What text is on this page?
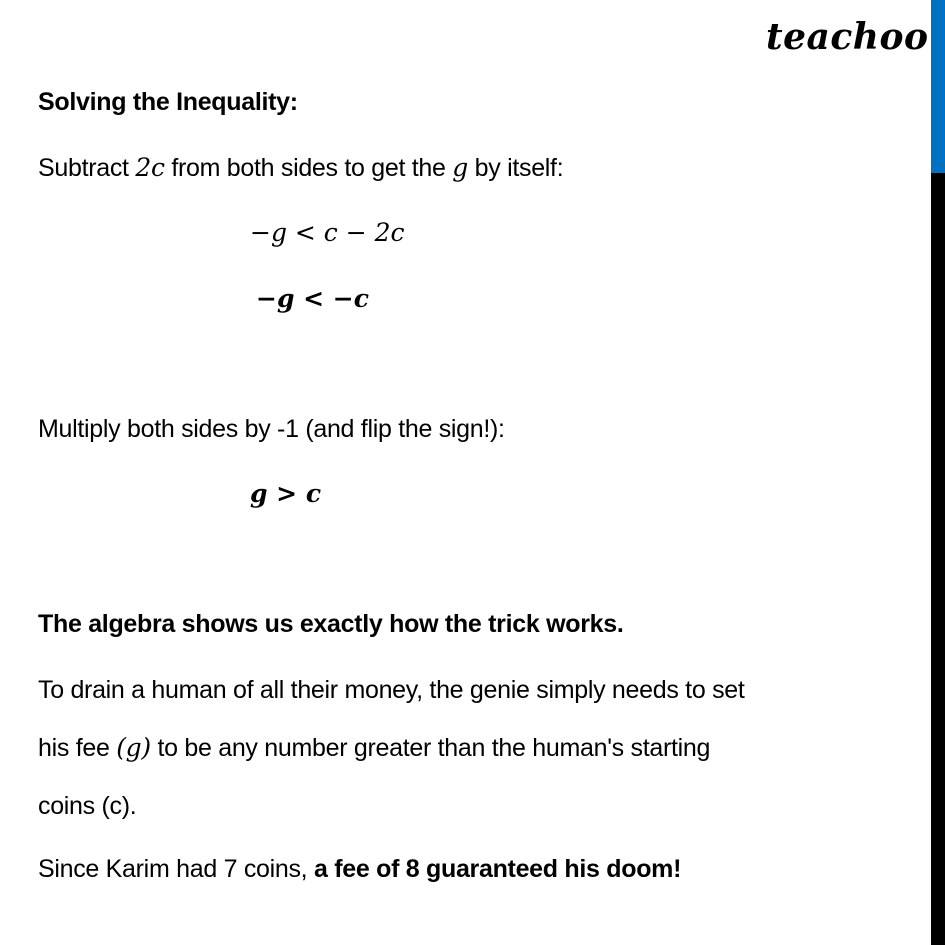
teachoo
Solving the Inequality:
Subtract 2c from both sides to get the g by itself:
−g < c − 2c
−g < −c
Multiply both sides by -1 (and flip the sign!):
g > c
The algebra shows us exactly how the trick works.
To drain a human of all their money, the genie simply needs to set
his fee (g) to be any number greater than the human's starting
coins (c).
Since Karim had 7 coins, a fee of 8 guaranteed his doom!
